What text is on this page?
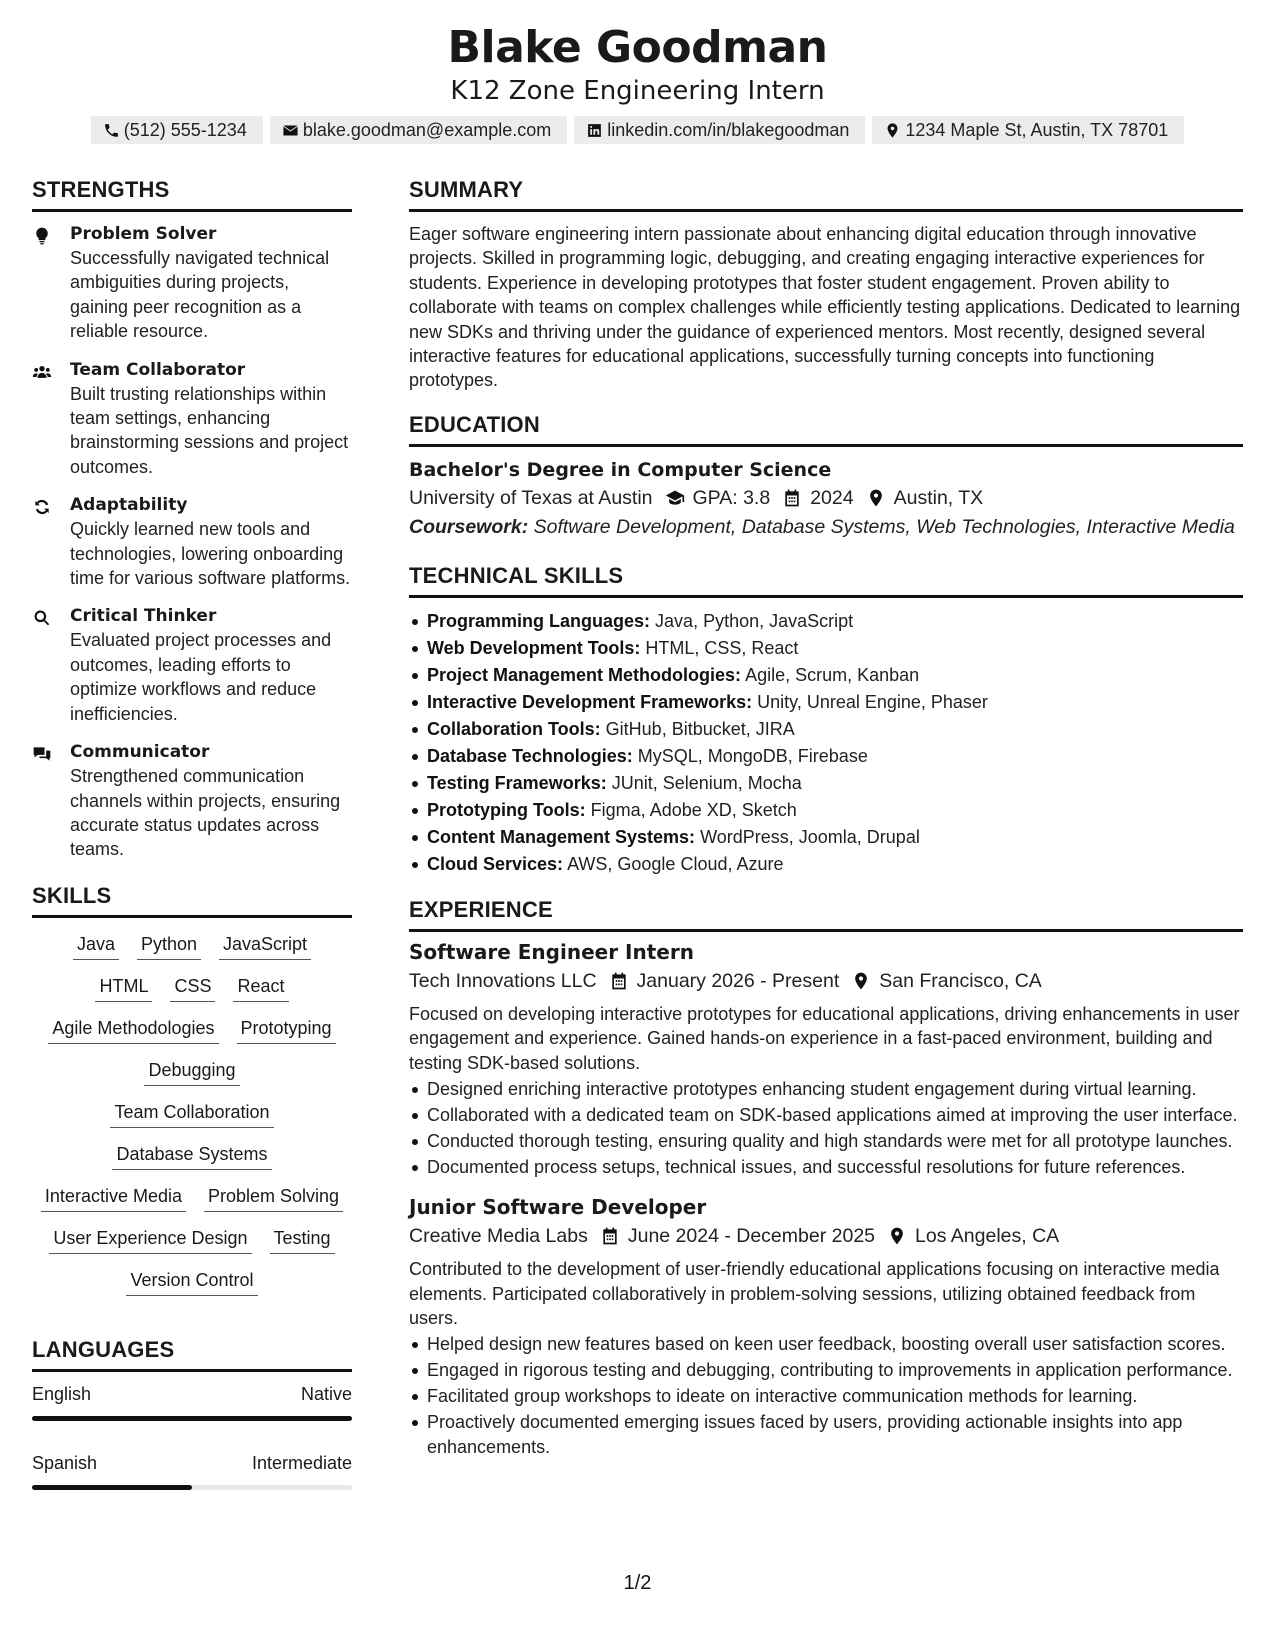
Blake Goodman
K12 Zone Engineering Intern
(512) 555-1234	blake.goodman@example.com	linkedin.com/in/blakegoodman	1234 Maple St, Austin, TX 78701
STRENGTHS
Problem Solver
Successfully navigated technical ambiguities during projects, gaining peer recognition as a reliable resource.
Team Collaborator
Built trusting relationships within team settings, enhancing brainstorming sessions and project outcomes.
Adaptability
Quickly learned new tools and technologies, lowering onboarding time for various software platforms.
Critical Thinker
Evaluated project processes and outcomes, leading efforts to optimize workflows and reduce inefficiencies.
Communicator
Strengthened communication channels within projects, ensuring accurate status updates across teams.
SKILLS
Java Python JavaScript
HTML CSS React
Agile Methodologies Prototyping
Debugging
Team Collaboration
Database Systems
Interactive Media Problem Solving
User Experience Design Testing
Version Control
LANGUAGES
English	Native
Spanish	Intermediate
SUMMARY
Eager software engineering intern passionate about enhancing digital education through innovative projects. Skilled in programming logic, debugging, and creating engaging interactive experiences for students. Experience in developing prototypes that foster student engagement. Proven ability to collaborate with teams on complex challenges while efficiently testing applications. Dedicated to learning new SDKs and thriving under the guidance of experienced mentors. Most recently, designed several interactive features for educational applications, successfully turning concepts into functioning prototypes.
EDUCATION
Bachelor's Degree in Computer Science
University of Texas at Austin GPA: 3.8 2024 Austin, TX
Coursework: Software Development, Database Systems, Web Technologies, Interactive Media
TECHNICAL SKILLS
Programming Languages: Java, Python, JavaScript
Web Development Tools: HTML, CSS, React
Project Management Methodologies: Agile, Scrum, Kanban
Interactive Development Frameworks: Unity, Unreal Engine, Phaser
Collaboration Tools: GitHub, Bitbucket, JIRA
Database Technologies: MySQL, MongoDB, Firebase
Testing Frameworks: JUnit, Selenium, Mocha
Prototyping Tools: Figma, Adobe XD, Sketch
Content Management Systems: WordPress, Joomla, Drupal
Cloud Services: AWS, Google Cloud, Azure
EXPERIENCE
Software Engineer Intern
Tech Innovations LLC January 2026 - Present San Francisco, CA
Focused on developing interactive prototypes for educational applications, driving enhancements in user engagement and experience. Gained hands-on experience in a fast-paced environment, building and testing SDK-based solutions.
Designed enriching interactive prototypes enhancing student engagement during virtual learning.
Collaborated with a dedicated team on SDK-based applications aimed at improving the user interface.
Conducted thorough testing, ensuring quality and high standards were met for all prototype launches.
Documented process setups, technical issues, and successful resolutions for future references.
Junior Software Developer
Creative Media Labs June 2024 - December 2025 Los Angeles, CA
Contributed to the development of user-friendly educational applications focusing on interactive media elements. Participated collaboratively in problem-solving sessions, utilizing obtained feedback from users.
Helped design new features based on keen user feedback, boosting overall user satisfaction scores.
Engaged in rigorous testing and debugging, contributing to improvements in application performance.
Facilitated group workshops to ideate on interactive communication methods for learning.
Proactively documented emerging issues faced by users, providing actionable insights into app enhancements.
1/2
